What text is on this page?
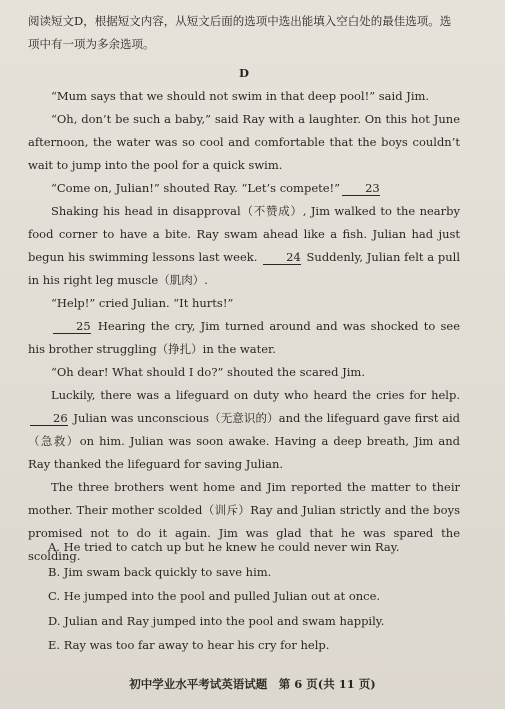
阅读短文D，根据短文内容，从短文后面的选项中选出能填入空白处的最佳选项。选项中有一项为多余选项。

D

“Mum says that we should not swim in that deep pool!” said Jim.

“Oh, don’t be such a baby,” said Ray with a laughter. On this hot June afternoon, the water was so cool and comfortable that the boys couldn’t wait to jump into the pool for a quick swim.

“Come on, Julian!” shouted Ray. “Let’s compete!” 23

Shaking his head in disapproval（不赞成）, Jim walked to the nearby food corner to have a bite. Ray swam ahead like a fish. Julian had just begun his swimming lessons last week.	24 Suddenly, Julian felt a pull in his right leg muscle（肌肉）.

“Help!” cried Julian. “It hurts!”

25 Hearing the cry, Jim turned around and was shocked to see his brother struggling（挣扎）in the water.

“Oh dear! What should I do?” shouted the scared Jim.

Luckily, there was a lifeguard on duty who heard the cries for help. 26 Julian was unconscious（无意识的）and the lifeguard gave first aid（急救）on him. Julian was soon awake. Having a deep breath, Jim and Ray thanked the lifeguard for saving Julian.

The three brothers went home and Jim reported the matter to their mother. Their mother scolded（训斥）Ray and Julian strictly and the boys promised not to do it again. Jim was glad that he was spared the scolding.

A. He tried to catch up but he knew he could never win Ray.

B. Jim swam back quickly to save him.

C. He jumped into the pool and pulled Julian out at once.

D. Julian and Ray jumped into the pool and swam happily.

E. Ray was too far away to hear his cry for help.

初中学业水平考试英语试题　第 6 页(共 11 页)
